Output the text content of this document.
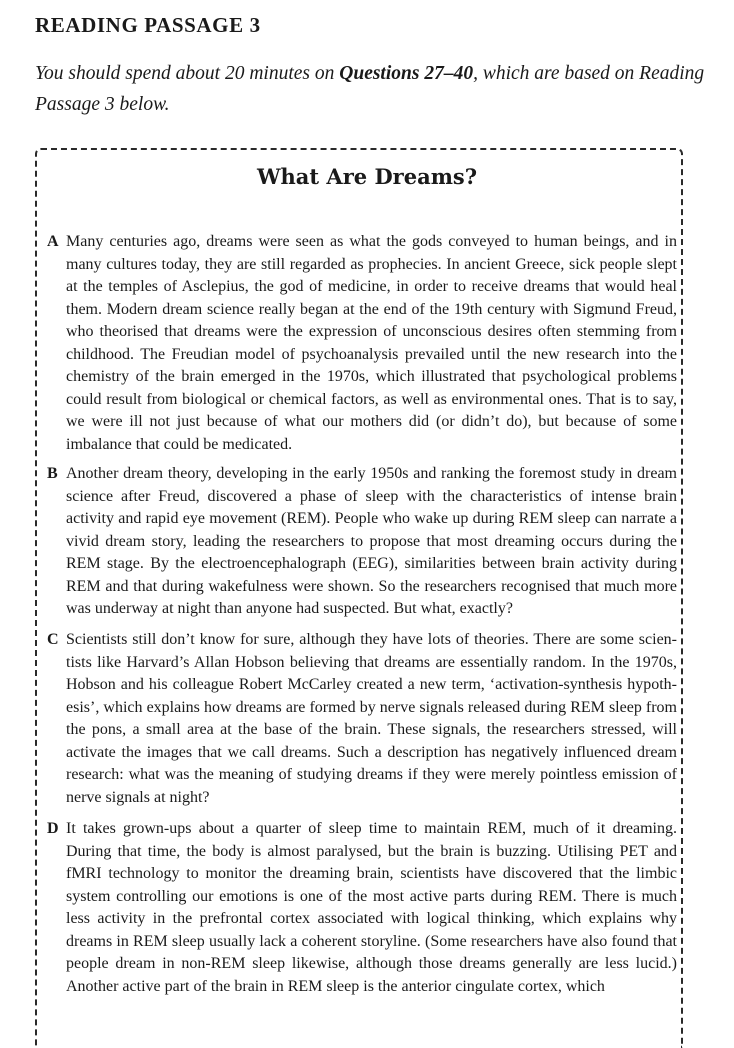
READING PASSAGE 3

You should spend about 20 minutes on Questions 27–40, which are based on Reading Passage 3 below.

What Are Dreams?
A Many centuries ago, dreams were seen as what the gods conveyed to human beings, and in many cultures today, they are still regarded as prophecies. In ancient Greece, sick people slept at the temples of Asclepius, the god of medicine, in order to receive dreams that would heal them. Modern dream science really began at the end of the 19th century with Sigmund Freud, who theorised that dreams were the expression of unconscious desires often stemming from childhood. The Freudian model of psychoanalysis prevailed until the new research into the chemistry of the brain emerged in the 1970s, which illustrated that psychological problems could result from biological or chemical factors, as well as environmental ones. That is to say, we were ill not just because of what our mothers did (or didn’t do), but because of some imbalance that could be medicated.
B Another dream theory, developing in the early 1950s and ranking the foremost study in dream science after Freud, discovered a phase of sleep with the characteristics of intense brain activity and rapid eye movement (REM). People who wake up during REM sleep can narrate a vivid dream story, leading the researchers to propose that most dreaming occurs during the REM stage. By the electroencephalograph (EEG), similarities between brain activity during REM and that during wakefulness were shown. So the researchers recognised that much more was underway at night than anyone had suspected. But what, exactly?
C Scientists still don’t know for sure, although they have lots of theories. There are some scien-tists like Harvard’s Allan Hobson believing that dreams are essentially random. In the 1970s, Hobson and his colleague Robert McCarley created a new term, ‘activation-synthesis hypoth-esis’, which explains how dreams are formed by nerve signals released during REM sleep from the pons, a small area at the base of the brain. These signals, the researchers stressed, will activate the images that we call dreams. Such a description has negatively influenced dream research: what was the meaning of studying dreams if they were merely pointless emission of nerve signals at night?
D It takes grown-ups about a quarter of sleep time to maintain REM, much of it dreaming. During that time, the body is almost paralysed, but the brain is buzzing. Utilising PET and fMRI technology to monitor the dreaming brain, scientists have discovered that the limbic system controlling our emotions is one of the most active parts during REM. There is much less activity in the prefrontal cortex associated with logical thinking, which explains why dreams in REM sleep usually lack a coherent storyline. (Some researchers have also found that people dream in non-REM sleep likewise, although those dreams generally are less lucid.) Another active part of the brain in REM sleep is the anterior cingulate cortex, which
